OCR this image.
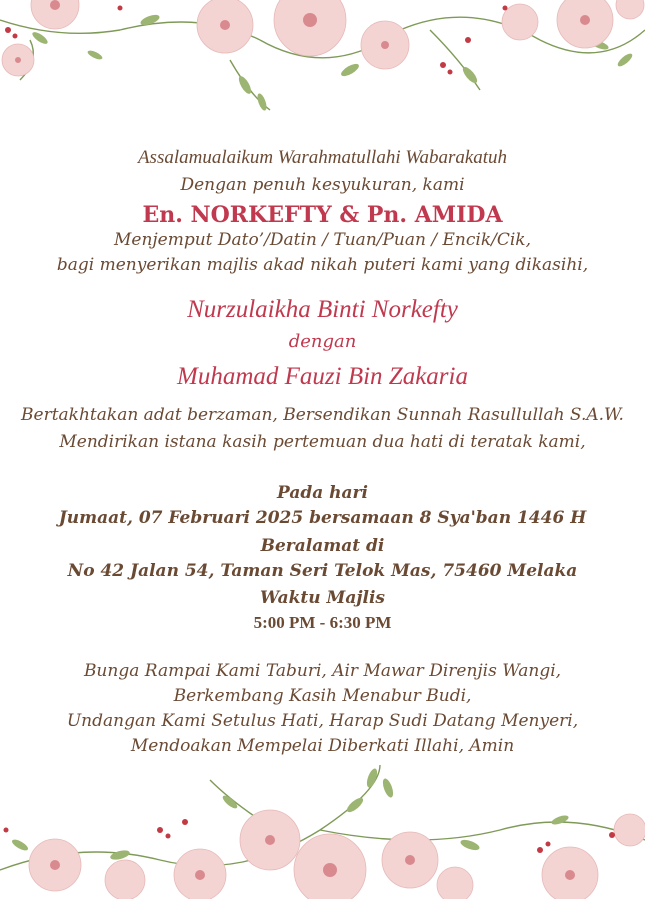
Assalamualaikum Warahmatullahi Wabarakatuh
Dengan penuh kesyukuran, kami
En. NORKEFTY & Pn. AMIDA
Menjemput Dato’/Datin / Tuan/Puan / Encik/Cik,
bagi menyerikan majlis akad nikah puteri kami yang dikasihi,
Nurzulaikha Binti Norkefty
dengan
Muhamad Fauzi Bin Zakaria
Bertakhtakan adat berzaman, Bersendikan Sunnah Rasullullah S.A.W.
Mendirikan istana kasih pertemuan dua hati di teratak kami,
Pada hari
Jumaat, 07 Februari 2025 bersamaan 8 Sya'ban 1446 H
Beralamat di
No 42 Jalan 54, Taman Seri Telok Mas, 75460 Melaka
Waktu Majlis
5:00 PM - 6:30 PM
Bunga Rampai Kami Taburi, Air Mawar Direnjis Wangi,
Berkembang Kasih Menabur Budi,
Undangan Kami Setulus Hati, Harap Sudi Datang Menyeri,
Mendoakan Mempelai Diberkati Illahi, Amin
